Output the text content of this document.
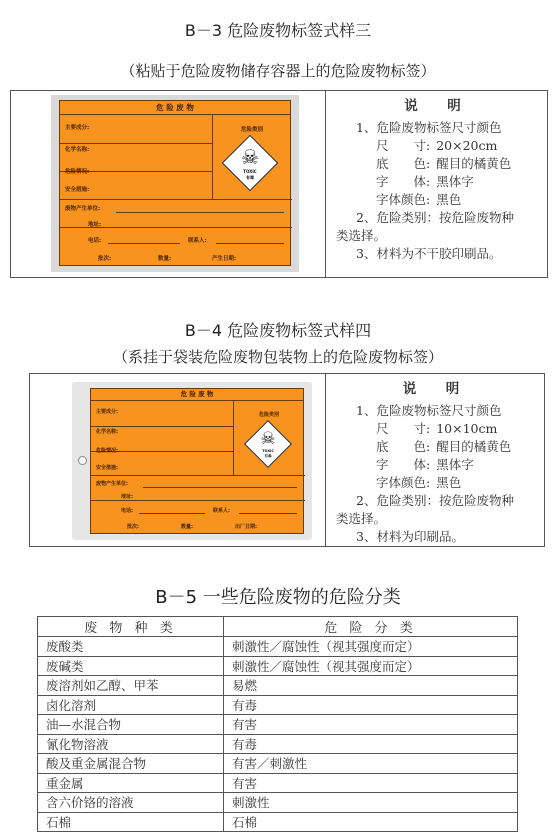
B－3 危险废物标签式样三
（粘贴于危险废物储存容器上的危险废物标签）
危 险 废 物
主要成分:
化学名称:
危险情况:
安全措施:
废物产生单位:
地址:
电话:	联系人:
批次:	数量:	产生日期:
危险类别
☠
TOXIC
有毒
说　明
1、危险废物标签尺寸颜色
尺　　寸: 20×20cm
底　　色: 醒目的橘黄色
字　　体: 黑体字
字体颜色: 黑色
2、危险类别：按危险废物种
类选择。
3、材料为不干胶印刷品。
B－4 危险废物标签式样四
（系挂于袋装危险废物包装物上的危险废物标签）
危 险 废 物
主要成分:
化学名称:
危险情况:
安全措施:
废物产生单位:
地址:
电话:	联系人:
批次:	数量:	出厂日期:
危险类别
☠
TOXIC
有毒
说　明
1、危险废物标签尺寸颜色
尺　　寸: 10×10cm
底　　色: 醒目的橘黄色
字　　体: 黑体字
字体颜色: 黑色
2、危险类别：按危险废物种
类选择。
3、材料为印刷品。
B－5 一些危险废物的危险分类
废 物 种 类	危 险 分 类
废酸类	刺激性／腐蚀性（视其强度而定）
废碱类	刺激性／腐蚀性（视其强度而定）
废溶剂如乙醇、甲苯	易燃
卤化溶剂	有毒
油—水混合物	有害
氰化物溶液	有毒
酸及重金属混合物	有害／刺激性
重金属	有害
含六价铬的溶液	刺激性
石棉	石棉
